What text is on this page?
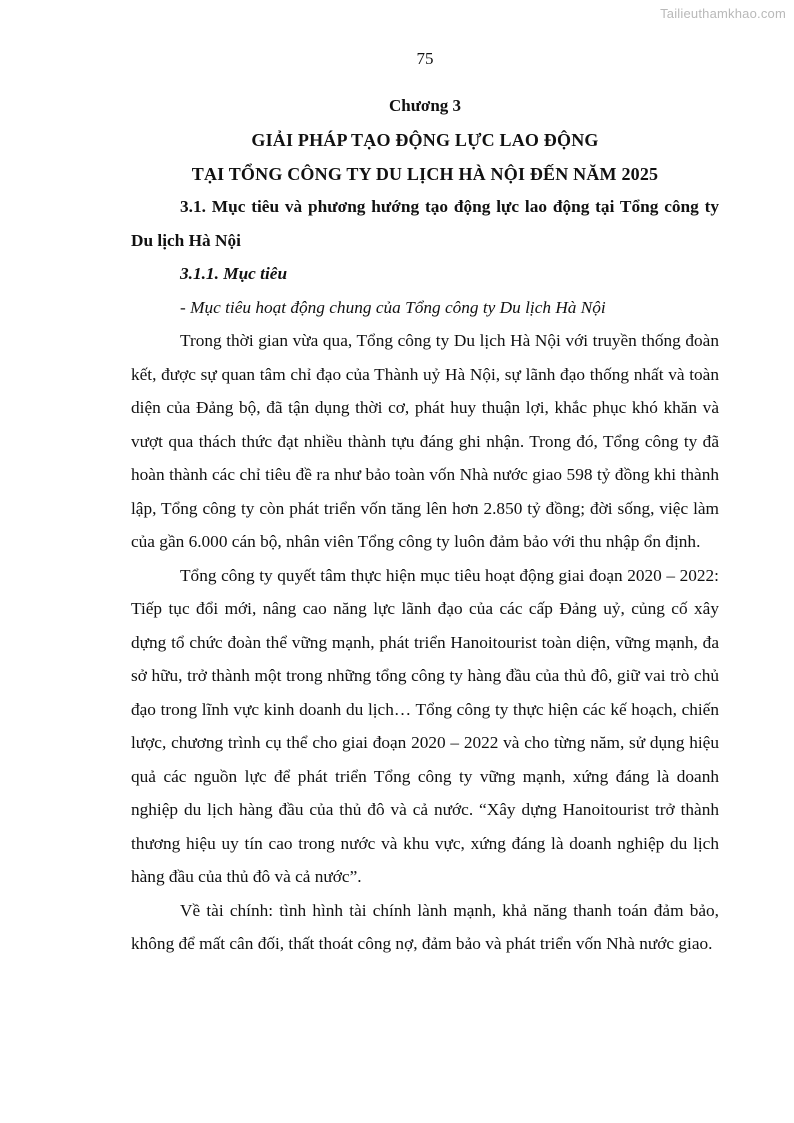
Tailieuthamkhao.com
75
Chương 3
GIẢI PHÁP TẠO ĐỘNG LỰC LAO ĐỘNG
TẠI TỔNG CÔNG TY DU LỊCH HÀ NỘI ĐẾN NĂM 2025

3.1. Mục tiêu và phương hướng tạo động lực lao động tại Tổng công ty Du lịch Hà Nội

3.1.1. Mục tiêu

- Mục tiêu hoạt động chung của Tổng công ty Du lịch Hà Nội

Trong thời gian vừa qua, Tổng công ty Du lịch Hà Nội với truyền thống đoàn kết, được sự quan tâm chỉ đạo của Thành uỷ Hà Nội, sự lãnh đạo thống nhất và toàn diện của Đảng bộ, đã tận dụng thời cơ, phát huy thuận lợi, khắc phục khó khăn và vượt qua thách thức đạt nhiều thành tựu đáng ghi nhận. Trong đó, Tổng công ty đã hoàn thành các chỉ tiêu đề ra như bảo toàn vốn Nhà nước giao 598 tỷ đồng khi thành lập, Tổng công ty còn phát triển vốn tăng lên hơn 2.850 tỷ đồng; đời sống, việc làm của gần 6.000 cán bộ, nhân viên Tổng công ty luôn đảm bảo với thu nhập ổn định.

Tổng công ty quyết tâm thực hiện mục tiêu hoạt động giai đoạn 2020 – 2022: Tiếp tục đổi mới, nâng cao năng lực lãnh đạo của các cấp Đảng uỷ, củng cố xây dựng tổ chức đoàn thể vững mạnh, phát triển Hanoitourist toàn diện, vững mạnh, đa sở hữu, trở thành một trong những tổng công ty hàng đầu của thủ đô, giữ vai trò chủ đạo trong lĩnh vực kinh doanh du lịch… Tổng công ty thực hiện các kế hoạch, chiến lược, chương trình cụ thể cho giai đoạn 2020 – 2022 và cho từng năm, sử dụng hiệu quả các nguồn lực để phát triển Tổng công ty vững mạnh, xứng đáng là doanh nghiệp du lịch hàng đầu của thủ đô và cả nước. “Xây dựng Hanoitourist trở thành thương hiệu uy tín cao trong nước và khu vực, xứng đáng là doanh nghiệp du lịch hàng đầu của thủ đô và cả nước”.

Về tài chính: tình hình tài chính lành mạnh, khả năng thanh toán đảm bảo, không để mất cân đối, thất thoát công nợ, đảm bảo và phát triển vốn Nhà nước giao.
